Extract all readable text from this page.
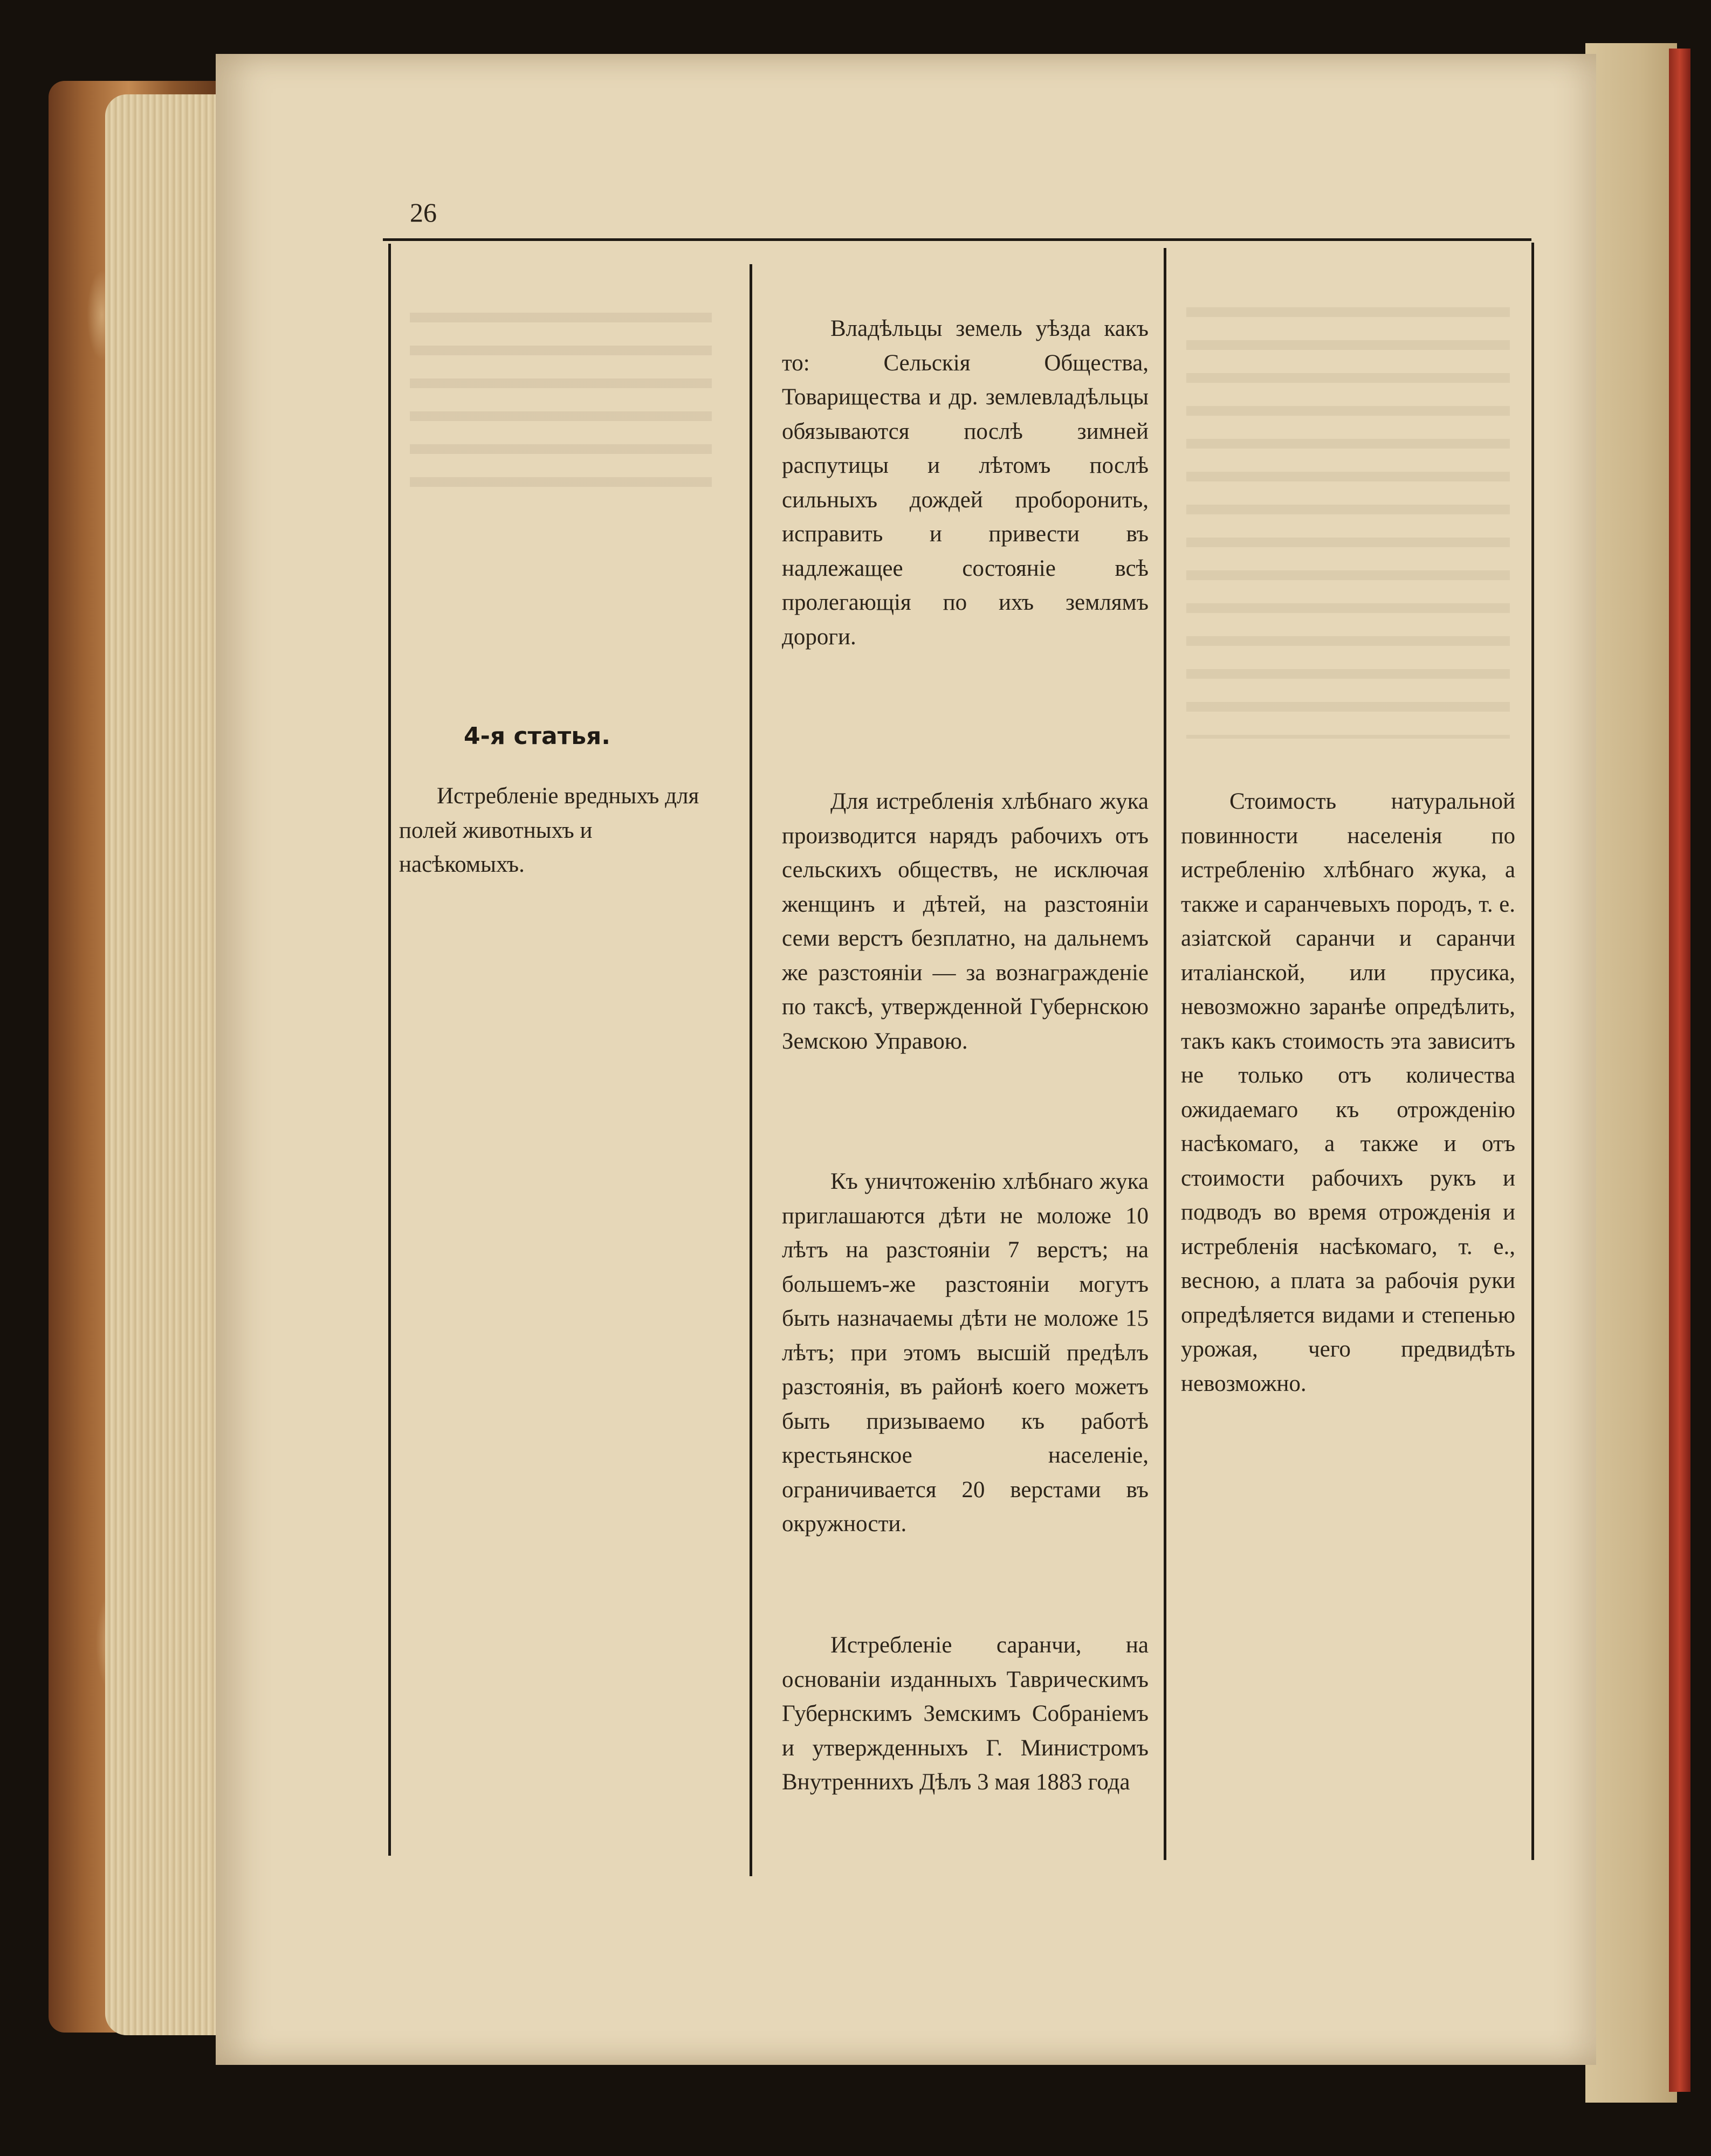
26
4-я статья.

Истребленіе вредныхъ для полей животныхъ и насѣкомыхъ.

Владѣльцы земель уѣзда какъ то: Сельскія Общества, Товарищества и др. землевладѣльцы обязываются послѣ зимней распутицы и лѣтомъ послѣ сильныхъ дождей проборонить, исправить и привести въ надлежащее состояніе всѣ пролегающія по ихъ землямъ дороги.

Для истребленія хлѣбнаго жука производится нарядъ рабочихъ отъ сельскихъ обществъ, не исключая женщинъ и дѣтей, на разстояніи семи верстъ безплатно, на дальнемъ же разстояніи — за вознагражденіе по таксѣ, утвержденной Губернскою Земскою Управою.

Къ уничтоженію хлѣбнаго жука приглашаются дѣти не моложе 10 лѣтъ на разстояніи 7 верстъ; на большемъ-же разстояніи могутъ быть назначаемы дѣти не моложе 15 лѣтъ; при этомъ высшій предѣлъ разстоянія, въ районѣ коего можетъ быть призываемо къ работѣ крестьянское населеніе, ограничивается 20 верстами въ окружности.

Истребленіе саранчи, на основаніи изданныхъ Таврическимъ Губернскимъ Земскимъ Собраніемъ и утвержденныхъ Г. Министромъ Внутреннихъ Дѣлъ 3 мая 1883 года

Стоимость натуральной повинности населенія по истребленію хлѣбнаго жука, а также и саранчевыхъ породъ, т. е. азіатской саранчи и саранчи италіанской, или прусика, невозможно заранѣе опредѣлить, такъ какъ стоимость эта зависитъ не только отъ количества ожидаемаго къ отрожденію насѣкомаго, а также и отъ стоимости рабочихъ рукъ и подводъ во время отрожденія и истребленія насѣкомаго, т. е., весною, а плата за рабочія руки опредѣляется видами и степенью урожая, чего предвидѣть невозможно.
